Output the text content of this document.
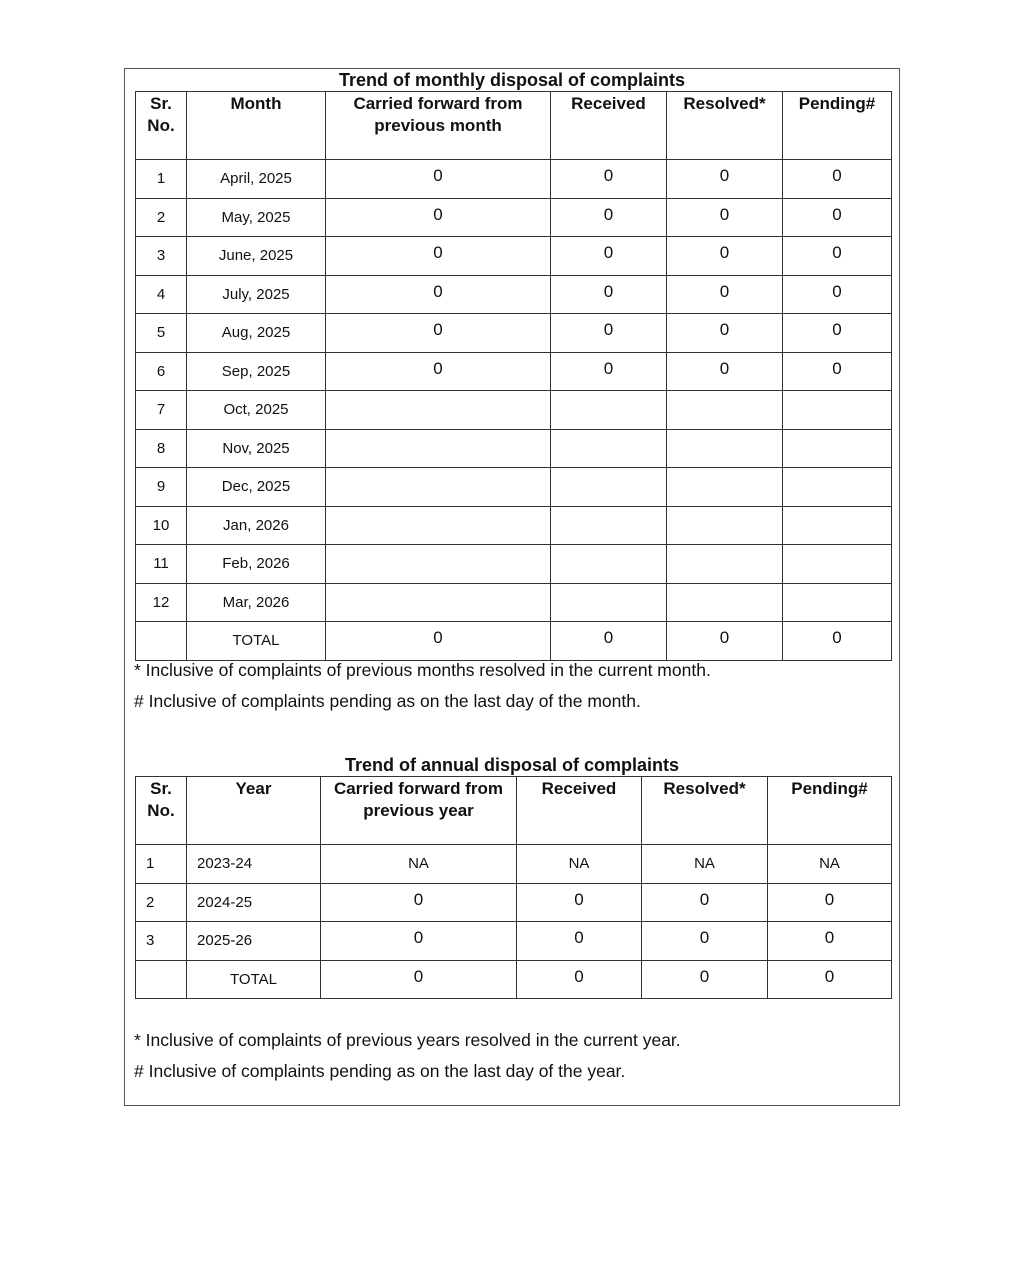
Trend of monthly disposal of complaints
Sr. No.	Month	Carried forward from previous month	Received	Resolved*	Pending#
1	April, 2025	0	0	0	0
2	May, 2025	0	0	0	0
3	June, 2025	0	0	0	0
4	July, 2025	0	0	0	0
5	Aug, 2025	0	0	0	0
6	Sep, 2025	0	0	0	0
7	Oct, 2025				
8	Nov, 2025				
9	Dec, 2025				
10	Jan, 2026				
11	Feb, 2026				
12	Mar, 2026				
	TOTAL	0	0	0	0
* Inclusive of complaints of previous months resolved in the current month.
# Inclusive of complaints pending as on the last day of the month.
Trend of annual disposal of complaints
Sr. No.	Year	Carried forward from previous year	Received	Resolved*	Pending#
1	2023-24	NA	NA	NA	NA
2	2024-25	0	0	0	0
3	2025-26	0	0	0	0
	TOTAL	0	0	0	0
* Inclusive of complaints of previous years resolved in the current year.
# Inclusive of complaints pending as on the last day of the year.
